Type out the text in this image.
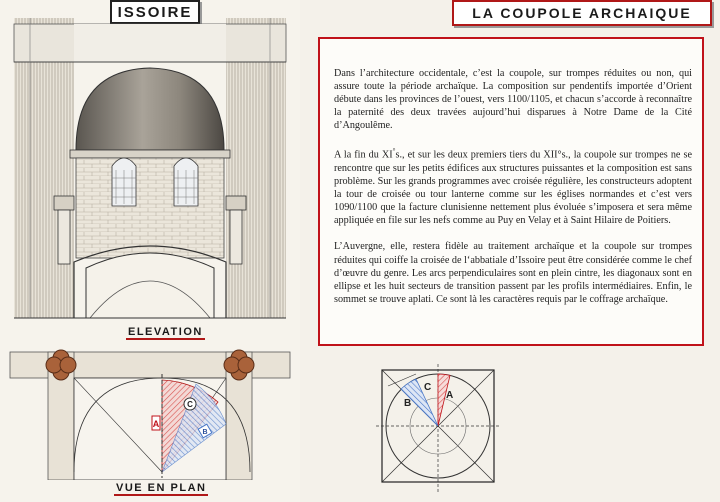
ISSOIRE	LA COUPOLE ARCHAIQUE
ELEVATION
A
C
B
VUE EN PLAN

Dans l’architecture occidentale, c’est la coupole, sur trompes réduites ou non, qui assure toute la période archaïque. La composition sur pendentifs importée d’Orient débute dans les provinces de l’ouest, vers 1100/1105, et chacun s’accorde à reconnaître la paternité des deux travées aujourd’hui disparues à Notre Dame de la Cité d’Angoulême.

A la fin du XI°s., et sur les deux premiers tiers du XII°s., la coupole sur trompes ne se rencontre que sur les petits édifices aux structures puissantes et la composition est sans problème. Sur les grands programmes avec croisée régulière, les constructeurs adoptent la tour de croisée ou tour lanterne comme sur les églises normandes et c’est vers 1090/1100 que la facture clunisienne nettement plus évoluée s’imposera et sera même appliquée en file sur les nefs comme au Puy en Velay et à Saint Hilaire de Poitiers.

L’Auvergne, elle, restera fidèle au traitement archaïque et la coupole sur trompes réduites qui coiffe la croisée de l‘abbatiale d’Issoire peut être considérée comme le chef d’œuvre du genre. Les arcs perpendiculaires sont en plein cintre, les diagonaux sont en ellipse et les huit secteurs de transition passent par les profils intermédiaires. Enfin, le sommet se trouve aplati. Ce sont là les caractères requis par le coffrage archaïque.

A
C
B
